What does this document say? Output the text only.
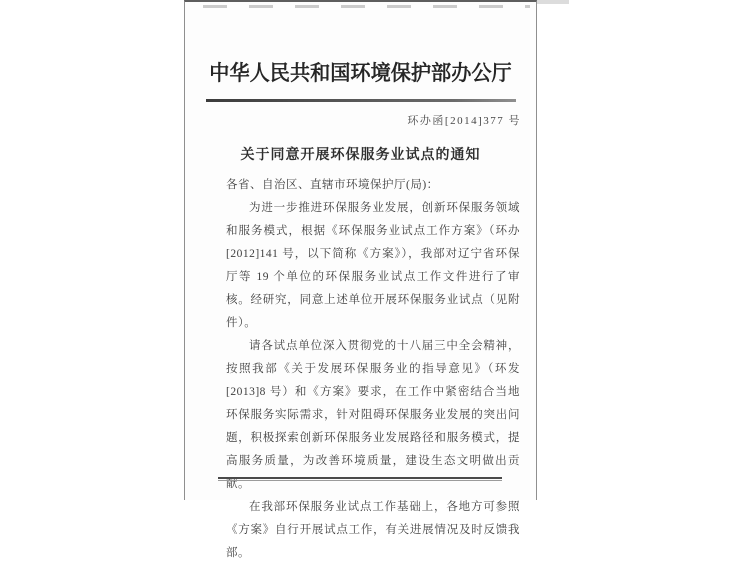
中华人民共和国环境保护部办公厅
环办函[2014]377 号
关于同意开展环保服务业试点的通知

各省、自治区、直辖市环境保护厅(局)：

为进一步推进环保服务业发展，创新环保服务领域和服务模式，根据《环保服务业试点工作方案》（环办[2012]141 号，以下简称《方案》），我部对辽宁省环保厅等 19 个单位的环保服务业试点工作文件进行了审核。经研究，同意上述单位开展环保服务业试点（见附件）。

请各试点单位深入贯彻党的十八届三中全会精神，按照我部《关于发展环保服务业的指导意见》（环发[2013]8 号）和《方案》要求，在工作中紧密结合当地环保服务实际需求，针对阻碍环保服务业发展的突出问题，积极探索创新环保服务业发展路径和服务模式，提高服务质量，为改善环境质量，建设生态文明做出贡献。

在我部环保服务业试点工作基础上，各地方可参照《方案》自行开展试点工作，有关进展情况及时反馈我部。
